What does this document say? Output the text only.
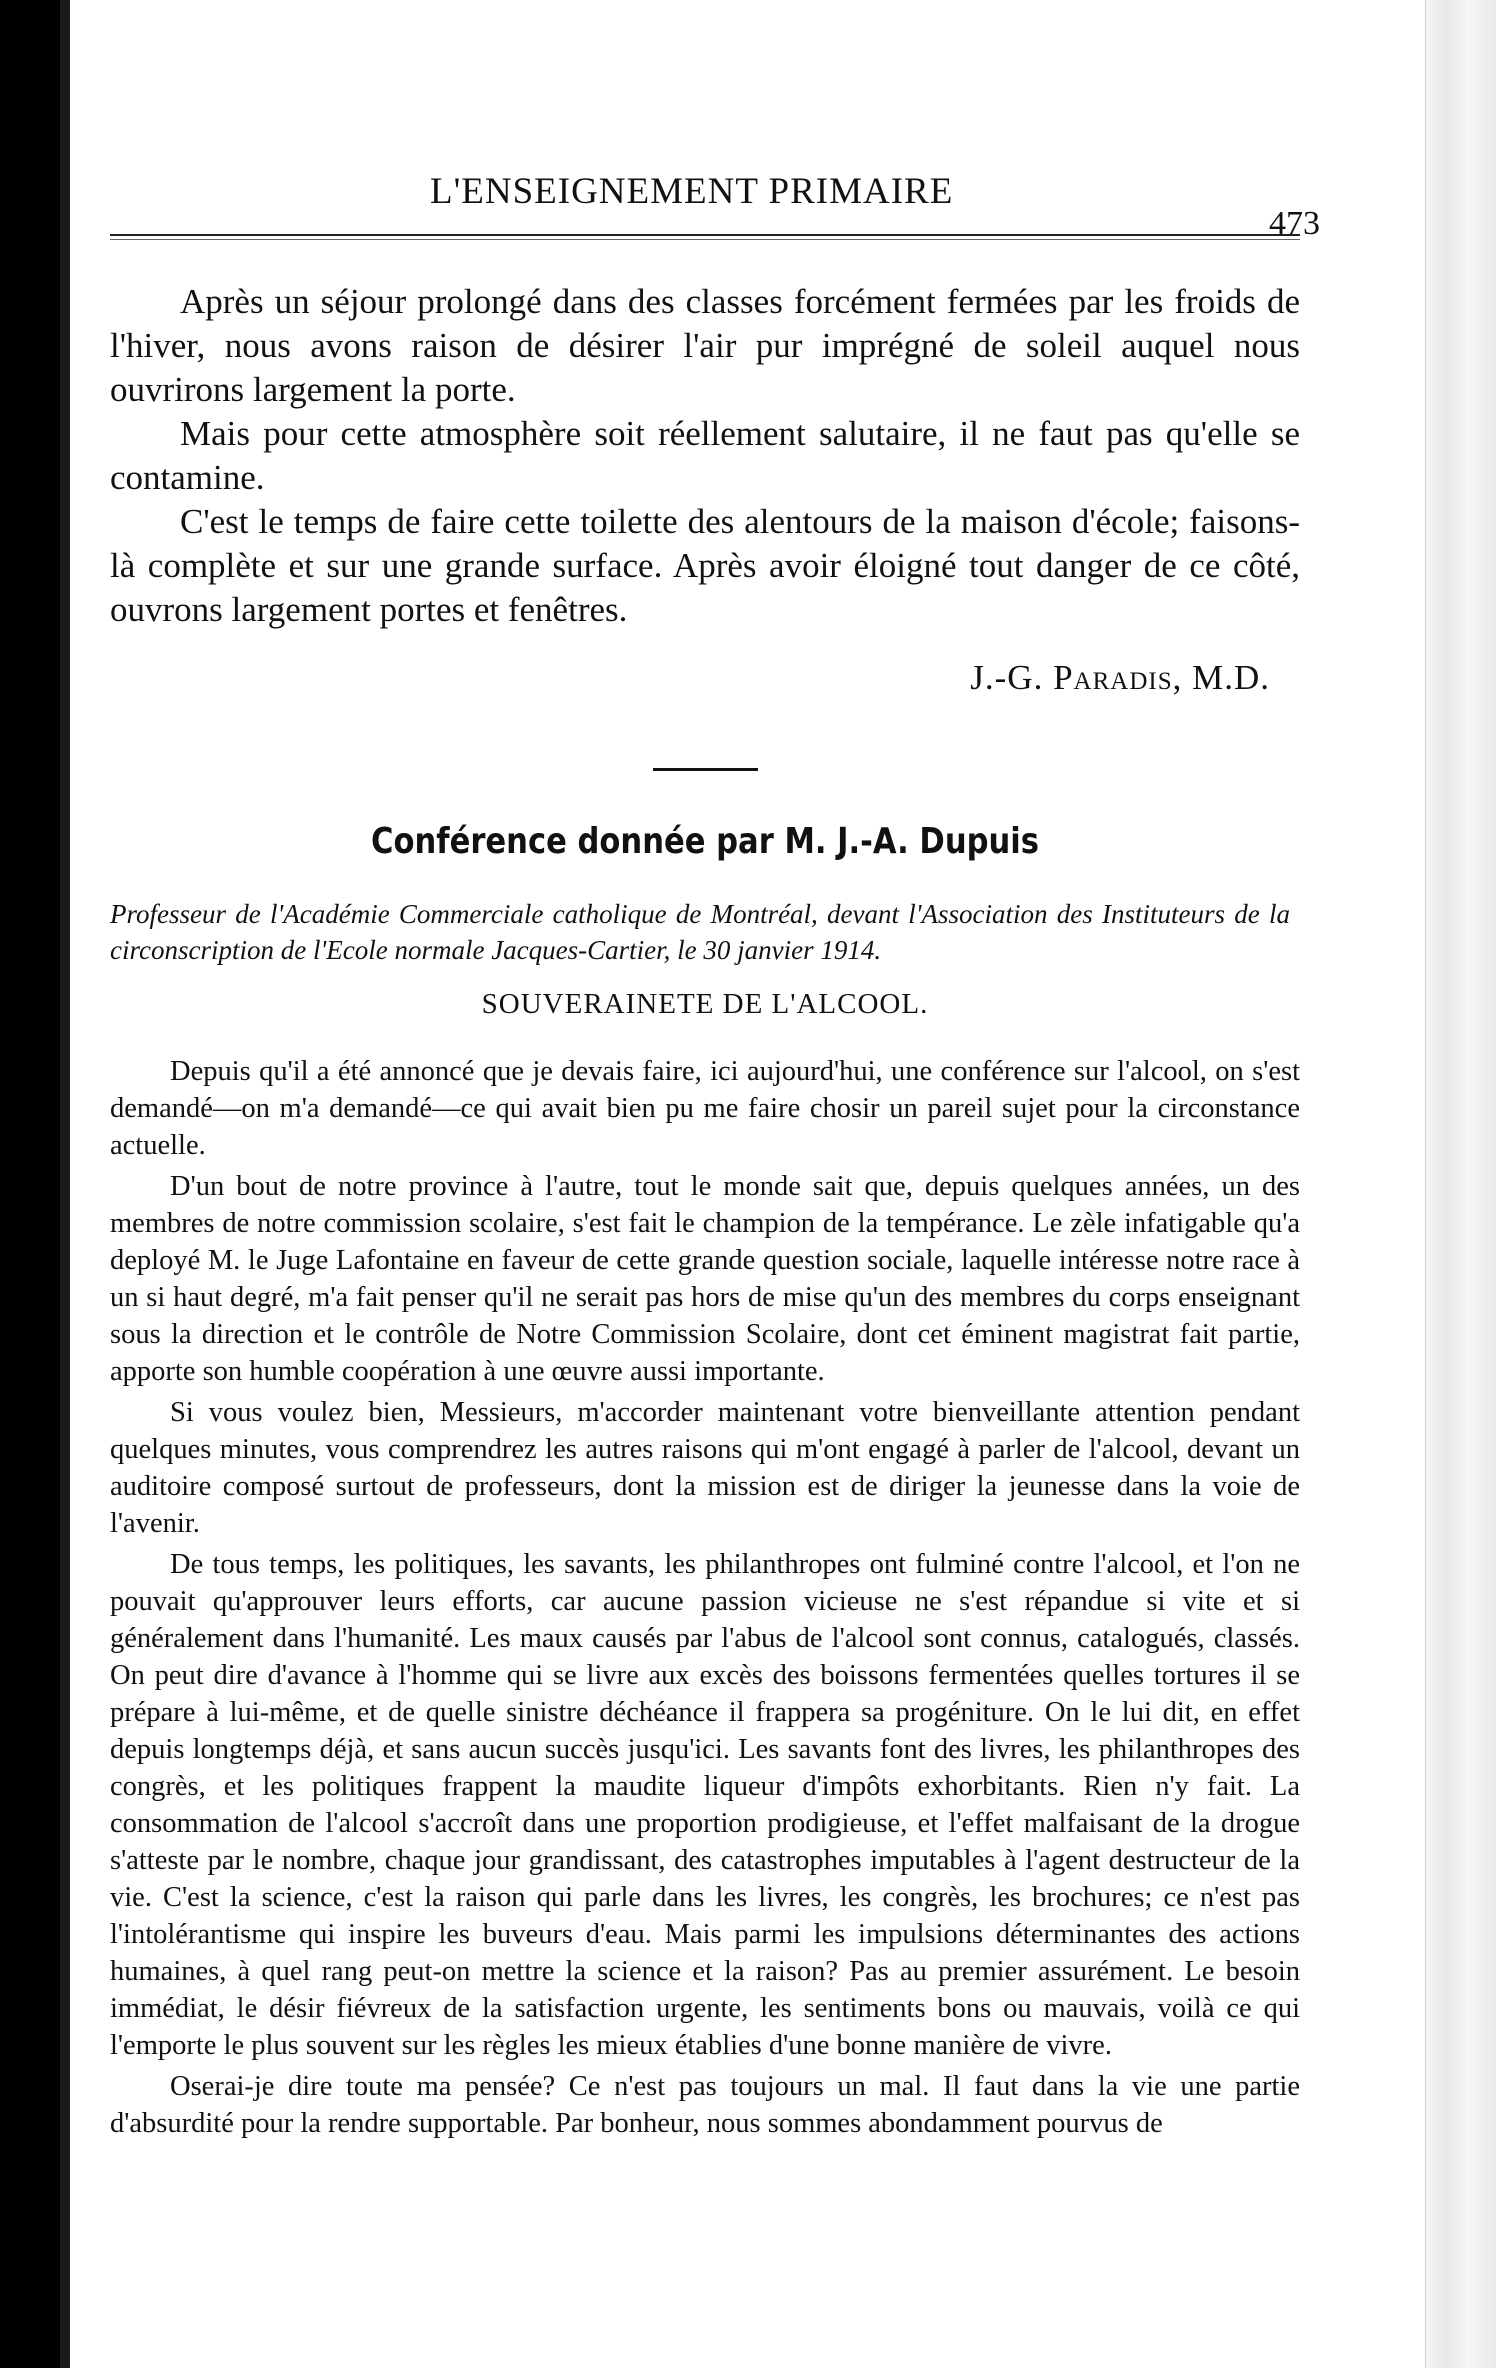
L'ENSEIGNEMENT PRIMAIRE
473

Après un séjour prolongé dans des classes forcément fermées par les froids de l'hiver, nous avons raison de désirer l'air pur imprégné de soleil auquel nous ouvrirons largement la porte.

Mais pour cette atmosphère soit réellement salutaire, il ne faut pas qu'elle se contamine.

C'est le temps de faire cette toilette des alentours de la maison d'école; faisons-là complète et sur une grande surface. Après avoir éloigné tout danger de ce côté, ouvrons largement portes et fenêtres.

J.-G. Paradis, M.D.
Conférence donnée par M. J.-A. Dupuis
Professeur de l'Académie Commerciale catholique de Montréal, devant l'Association des Instituteurs de la circonscription de l'Ecole normale Jacques-Cartier, le 30 janvier 1914.
SOUVERAINETE DE L'ALCOOL.

Depuis qu'il a été annoncé que je devais faire, ici aujourd'hui, une conférence sur l'alcool, on s'est demandé—on m'a demandé—ce qui avait bien pu me faire chosir un pareil sujet pour la circonstance actuelle.

D'un bout de notre province à l'autre, tout le monde sait que, depuis quelques années, un des membres de notre commission scolaire, s'est fait le champion de la tempérance. Le zèle infatigable qu'a deployé M. le Juge Lafontaine en faveur de cette grande question sociale, laquelle intéresse notre race à un si haut degré, m'a fait penser qu'il ne serait pas hors de mise qu'un des membres du corps enseignant sous la direction et le contrôle de Notre Commission Scolaire, dont cet éminent magistrat fait partie, apporte son humble coopération à une œuvre aussi importante.

Si vous voulez bien, Messieurs, m'accorder maintenant votre bienveillante attention pendant quelques minutes, vous comprendrez les autres raisons qui m'ont engagé à parler de l'alcool, devant un auditoire composé surtout de professeurs, dont la mission est de diriger la jeunesse dans la voie de l'avenir.

De tous temps, les politiques, les savants, les philanthropes ont fulminé contre l'alcool, et l'on ne pouvait qu'approuver leurs efforts, car aucune passion vicieuse ne s'est répandue si vite et si généralement dans l'humanité. Les maux causés par l'abus de l'alcool sont connus, catalogués, classés. On peut dire d'avance à l'homme qui se livre aux excès des boissons fermentées quelles tortures il se prépare à lui-même, et de quelle sinistre déchéance il frappera sa progéniture. On le lui dit, en effet depuis longtemps déjà, et sans aucun succès jusqu'ici. Les savants font des livres, les philanthropes des congrès, et les politiques frappent la maudite liqueur d'impôts exhorbitants. Rien n'y fait. La consommation de l'alcool s'accroît dans une proportion prodigieuse, et l'effet malfaisant de la drogue s'atteste par le nombre, chaque jour grandissant, des catastrophes imputables à l'agent destructeur de la vie. C'est la science, c'est la raison qui parle dans les livres, les congrès, les brochures; ce n'est pas l'intolérantisme qui inspire les buveurs d'eau. Mais parmi les impulsions déterminantes des actions humaines, à quel rang peut-on mettre la science et la raison? Pas au premier assurément. Le besoin immédiat, le désir fiévreux de la satisfaction urgente, les sentiments bons ou mauvais, voilà ce qui l'emporte le plus souvent sur les règles les mieux établies d'une bonne manière de vivre.

Oserai-je dire toute ma pensée? Ce n'est pas toujours un mal. Il faut dans la vie une partie d'absurdité pour la rendre supportable. Par bonheur, nous sommes abondamment pourvus de
